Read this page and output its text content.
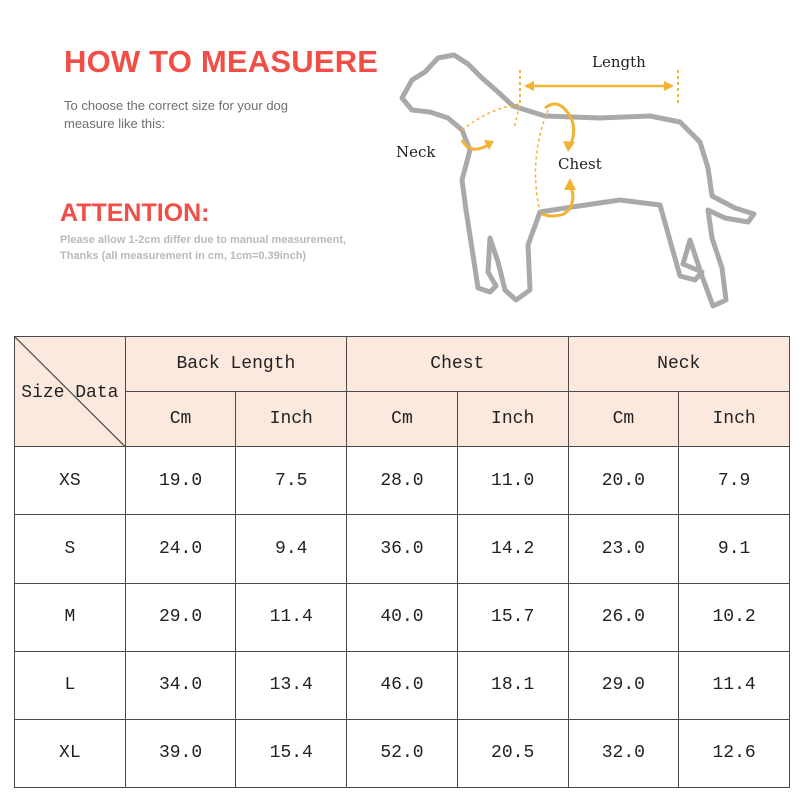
HOW TO MEASUERE
To choose the correct size for your dog
measure like this:
ATTENTION:
Please allow 1-2cm differ due to manual measurement,
Thanks (all measurement in cm, 1cm=0.39inch)
Length
Neck
Chest
Size Data	Back Length		Chest		Neck	
	Cm	Inch	Cm	Inch	Cm	Inch
XS	19.0	7.5	28.0	11.0	20.0	7.9
S	24.0	9.4	36.0	14.2	23.0	9.1
M	29.0	11.4	40.0	15.7	26.0	10.2
L	34.0	13.4	46.0	18.1	29.0	11.4
XL	39.0	15.4	52.0	20.5	32.0	12.6
